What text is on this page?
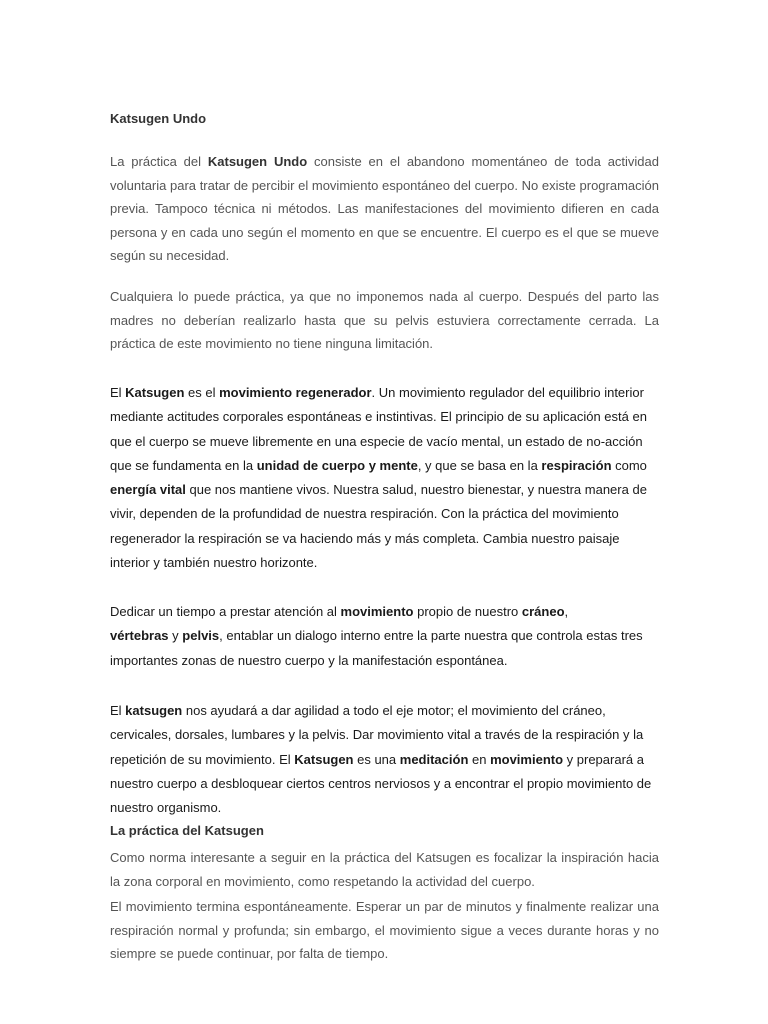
Katsugen Undo

La práctica del Katsugen Undo consiste en el abandono momentáneo de toda actividad voluntaria para tratar de percibir el movimiento espontáneo del cuerpo. No existe programación previa. Tampoco técnica ni métodos. Las manifestaciones del movimiento difieren en cada persona y en cada uno según el momento en que se encuentre. El cuerpo es el que se mueve según su necesidad.

Cualquiera lo puede práctica, ya que no imponemos nada al cuerpo. Después del parto las madres no deberían realizarlo hasta que su pelvis estuviera correctamente cerrada. La práctica de este movimiento no tiene ninguna limitación.

El Katsugen es el movimiento regenerador. Un movimiento regulador del equilibrio interior mediante actitudes corporales espontáneas e instintivas. El principio de su aplicación está en que el cuerpo se mueve libremente en una especie de vacío mental, un estado de no-acción que se fundamenta en la unidad de cuerpo y mente, y que se basa en la respiración como energía vital que nos mantiene vivos. Nuestra salud, nuestro bienestar, y nuestra manera de vivir, dependen de la profundidad de nuestra respiración. Con la práctica del movimiento regenerador la respiración se va haciendo más y más completa. Cambia nuestro paisaje interior y también nuestro horizonte.

Dedicar un tiempo a prestar atención al movimiento propio de nuestro cráneo,
vértebras y pelvis, entablar un dialogo interno entre la parte nuestra que controla estas tres importantes zonas de nuestro cuerpo y la manifestación espontánea.

El katsugen nos ayudará a dar agilidad a todo el eje motor; el movimiento del cráneo, cervicales, dorsales, lumbares y la pelvis. Dar movimiento vital a través de la respiración y la repetición de su movimiento. El Katsugen es una meditación en movimiento y preparará a nuestro cuerpo a desbloquear ciertos centros nerviosos y a encontrar el propio movimiento de nuestro organismo.

La práctica del Katsugen

Como norma interesante a seguir en la práctica del Katsugen es focalizar la inspiración hacia la zona corporal en movimiento, como respetando la actividad del cuerpo.

El movimiento termina espontáneamente. Esperar un par de minutos y finalmente realizar una respiración normal y profunda; sin embargo, el movimiento sigue a veces durante horas y no siempre se puede continuar, por falta de tiempo.
